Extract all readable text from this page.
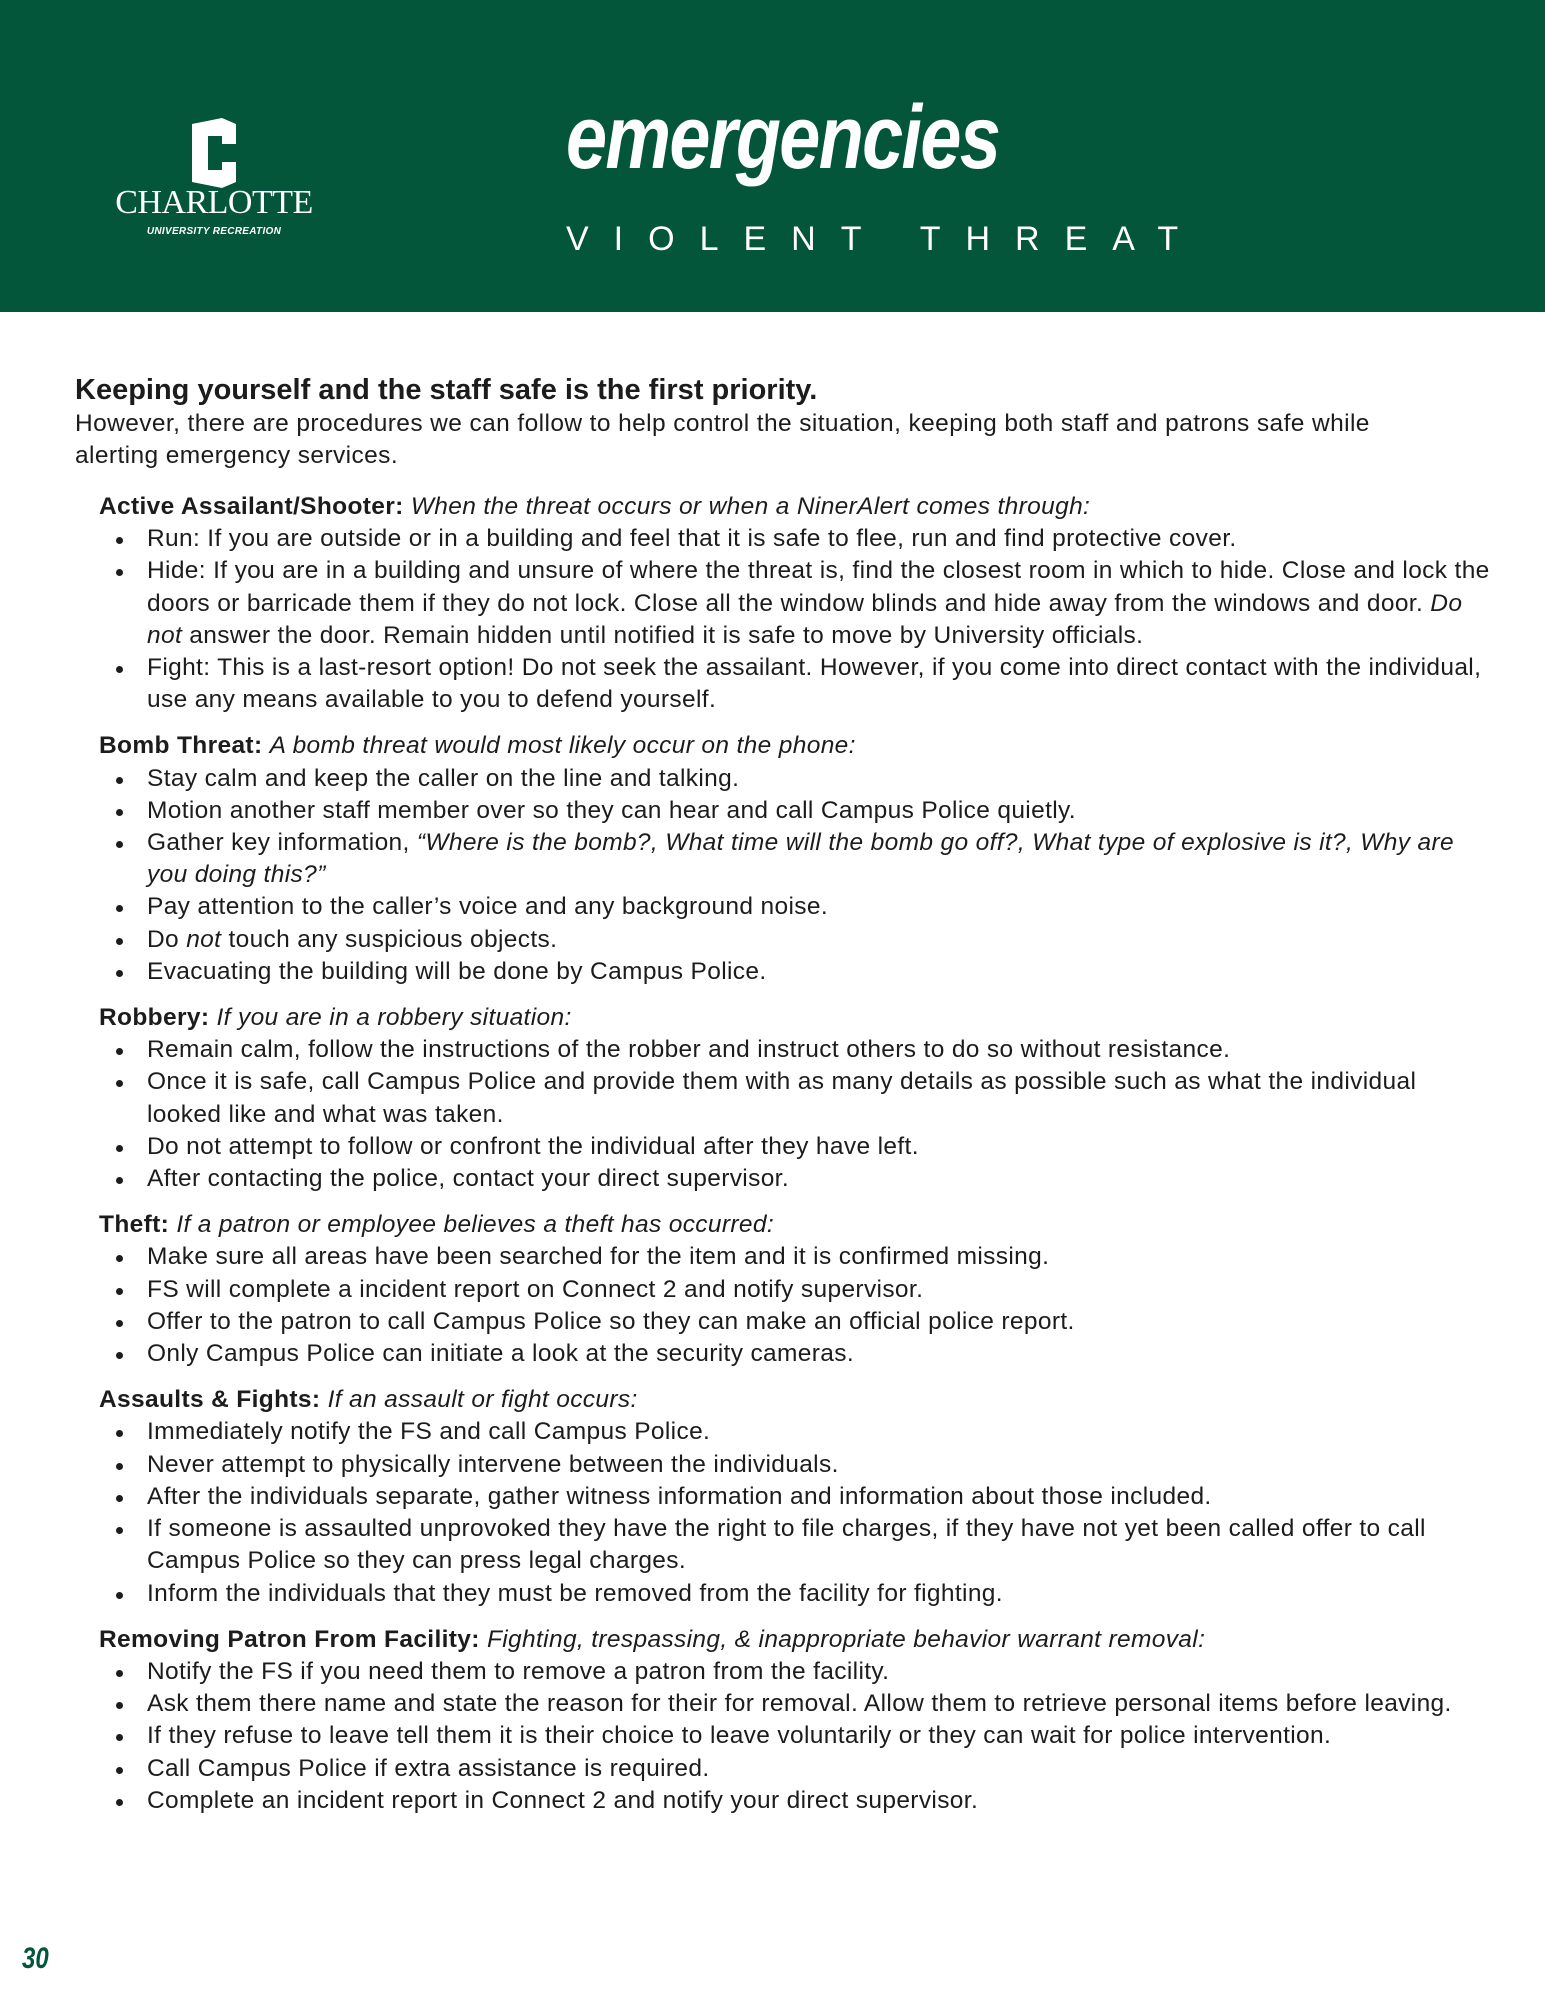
CHARLOTTE
UNIVERSITY RECREATION
emergencies
VIOLENT THREAT

Keeping yourself and the staff safe is the first priority.

However, there are procedures we can follow to help control the situation, keeping both staff and patrons safe while alerting emergency services.

Active Assailant/Shooter: When the threat occurs or when a NinerAlert comes through:

Run: If you are outside or in a building and feel that it is safe to flee, run and find protective cover.
Hide: If you are in a building and unsure of where the threat is, find the closest room in which to hide. Close and lock the doors or barricade them if they do not lock. Close all the window blinds and hide away from the windows and door. Do not answer the door. Remain hidden until notified it is safe to move by University officials.
Fight: This is a last-resort option! Do not seek the assailant. However, if you come into direct contact with the individual, use any means available to you to defend yourself.

Bomb Threat: A bomb threat would most likely occur on the phone:

Stay calm and keep the caller on the line and talking.
Motion another staff member over so they can hear and call Campus Police quietly.
Gather key information, “Where is the bomb?, What time will the bomb go off?, What type of explosive is it?, Why are you doing this?”
Pay attention to the caller’s voice and any background noise.
Do not touch any suspicious objects.
Evacuating the building will be done by Campus Police.

Robbery: If you are in a robbery situation:

Remain calm, follow the instructions of the robber and instruct others to do so without resistance.
Once it is safe, call Campus Police and provide them with as many details as possible such as what the individual looked like and what was taken.
Do not attempt to follow or confront the individual after they have left.
After contacting the police, contact your direct supervisor.

Theft: If a patron or employee believes a theft has occurred:

Make sure all areas have been searched for the item and it is confirmed missing.
FS will complete a incident report on Connect 2 and notify supervisor.
Offer to the patron to call Campus Police so they can make an official police report.
Only Campus Police can initiate a look at the security cameras.

Assaults & Fights: If an assault or fight occurs:

Immediately notify the FS and call Campus Police.
Never attempt to physically intervene between the individuals.
After the individuals separate, gather witness information and information about those included.
If someone is assaulted unprovoked they have the right to file charges, if they have not yet been called offer to call Campus Police so they can press legal charges.
Inform the individuals that they must be removed from the facility for fighting.

Removing Patron From Facility: Fighting, trespassing, & inappropriate behavior warrant removal:

Notify the FS if you need them to remove a patron from the facility.
Ask them there name and state the reason for their for removal. Allow them to retrieve personal items before leaving.
If they refuse to leave tell them it is their choice to leave voluntarily or they can wait for police intervention.
Call Campus Police if extra assistance is required.
Complete an incident report in Connect 2 and notify your direct supervisor.
30
